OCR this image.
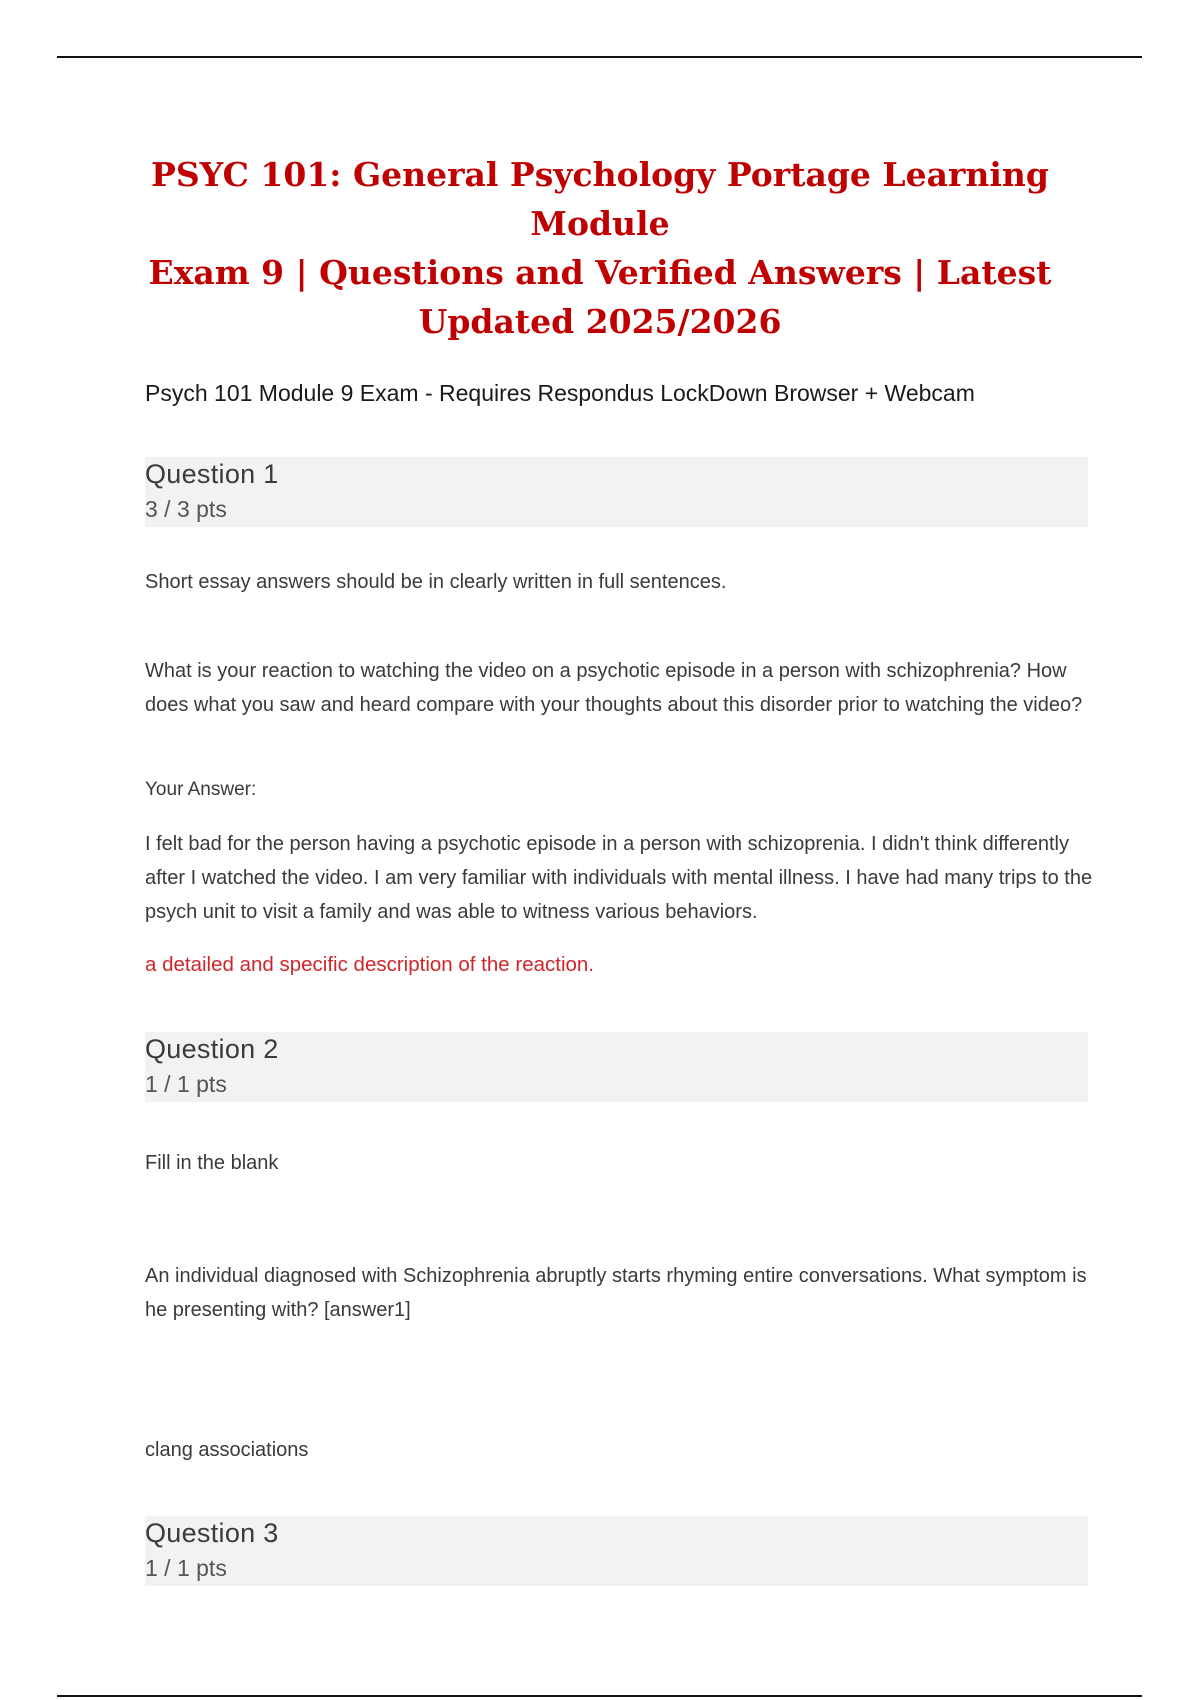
PSYC 101: General Psychology Portage Learning Module
Exam 9 | Questions and Verified Answers | Latest
Updated 2025/2026

Psych 101 Module 9 Exam - Requires Respondus LockDown Browser + Webcam

Question 1
3 / 3 pts

Short essay answers should be in clearly written in full sentences.

What is your reaction to watching the video on a psychotic episode in a person with schizophrenia? How does what you saw and heard compare with your thoughts about this disorder prior to watching the video?

Your Answer:

I felt bad for the person having a psychotic episode in a person with schizoprenia. I didn't think differently after I watched the video. I am very familiar with individuals with mental illness. I have had many trips to the psych unit to visit a family and was able to witness various behaviors.

a detailed and specific description of the reaction.

Question 2
1 / 1 pts

Fill in the blank

An individual diagnosed with Schizophrenia abruptly starts rhyming entire conversations. What symptom is he presenting with? [answer1]

clang associations

Question 3
1 / 1 pts
